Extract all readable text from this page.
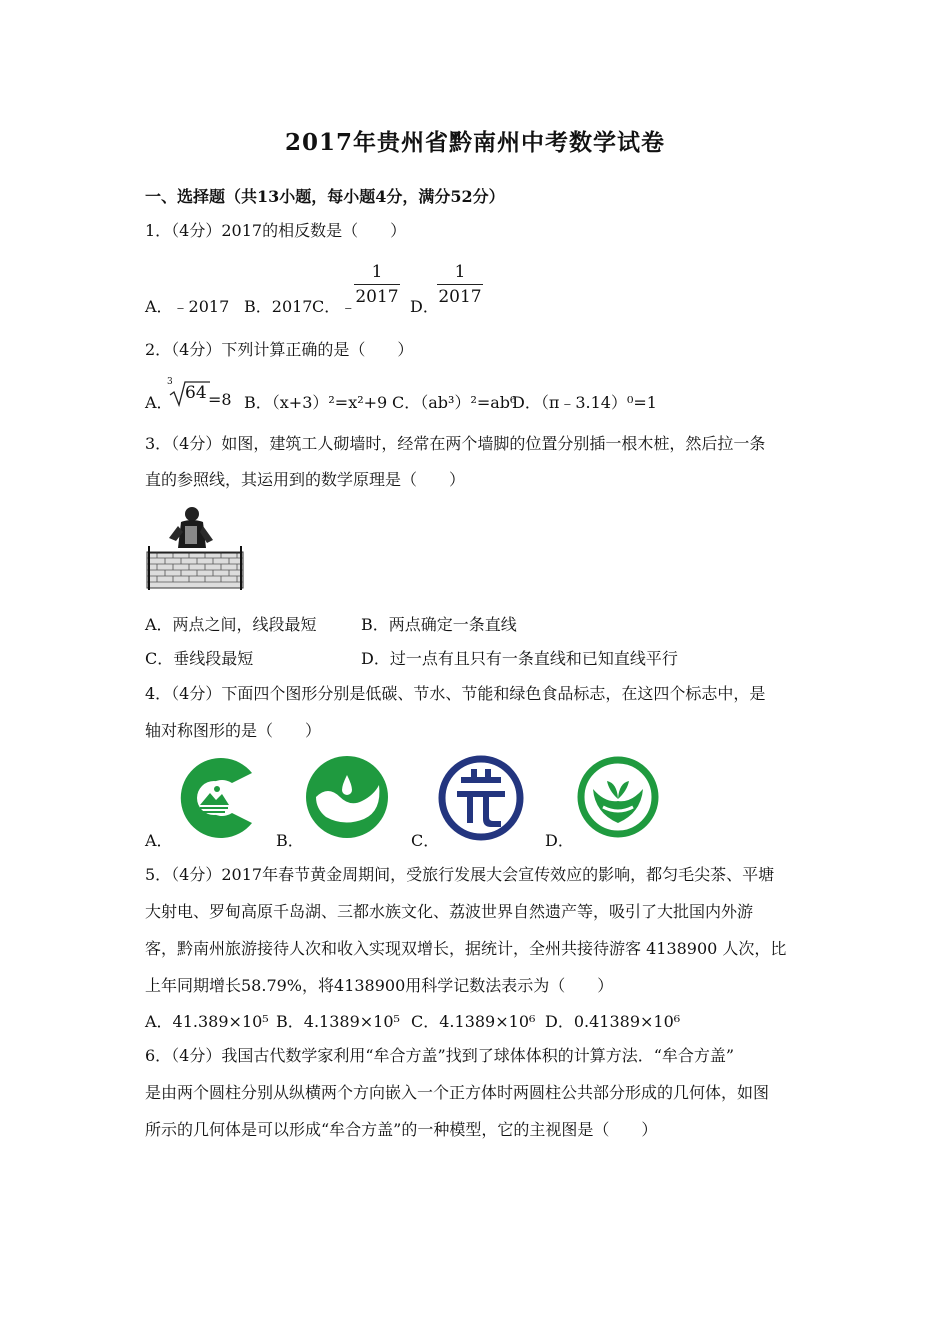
2017年贵州省黔南州中考数学试卷
一、选择题（共13小题，每小题4分，满分52分）
1．（4分）2017的相反数是（　　）
A．﹣2017 B．2017 C．﹣
1
2017 D．
1
2017
2．（4分）下列计算正确的是（　　）
A．
3
64 =8 B．（x+3）²=x²+9 C．（ab³）²=ab⁶
D．（π﹣3.14）⁰=1
3．（4分）如图，建筑工人砌墙时，经常在两个墙脚的位置分别插一根木桩，然后拉一条
直的参照线，其运用到的数学原理是（　　）
A．两点之间，线段最短	B．两点确定一条直线
C．垂线段最短	D．过一点有且只有一条直线和已知直线平行
4．（4分）下面四个图形分别是低碳、节水、节能和绿色食品标志，在这四个标志中，是
轴对称图形的是（　　）
A．	B．	C．	D．
5．（4分）2017年春节黄金周期间，受旅行发展大会宣传效应的影响，都匀毛尖茶、平塘
大射电、罗甸高原千岛湖、三都水族文化、荔波世界自然遗产等，吸引了大批国内外游
客，黔南州旅游接待人次和收入实现双增长，据统计，全州共接待游客 4138900 人次，比
上年同期增长58.79%，将4138900用科学记数法表示为（　　）
A．41.389×10⁵ B．4.1389×10⁵ C．4.1389×10⁶ D．0.41389×10⁶
6．（4分）我国古代数学家利用“牟合方盖”找到了球体体积的计算方法．“牟合方盖”
是由两个圆柱分别从纵横两个方向嵌入一个正方体时两圆柱公共部分形成的几何体，如图
所示的几何体是可以形成“牟合方盖”的一种模型，它的主视图是（　　）
